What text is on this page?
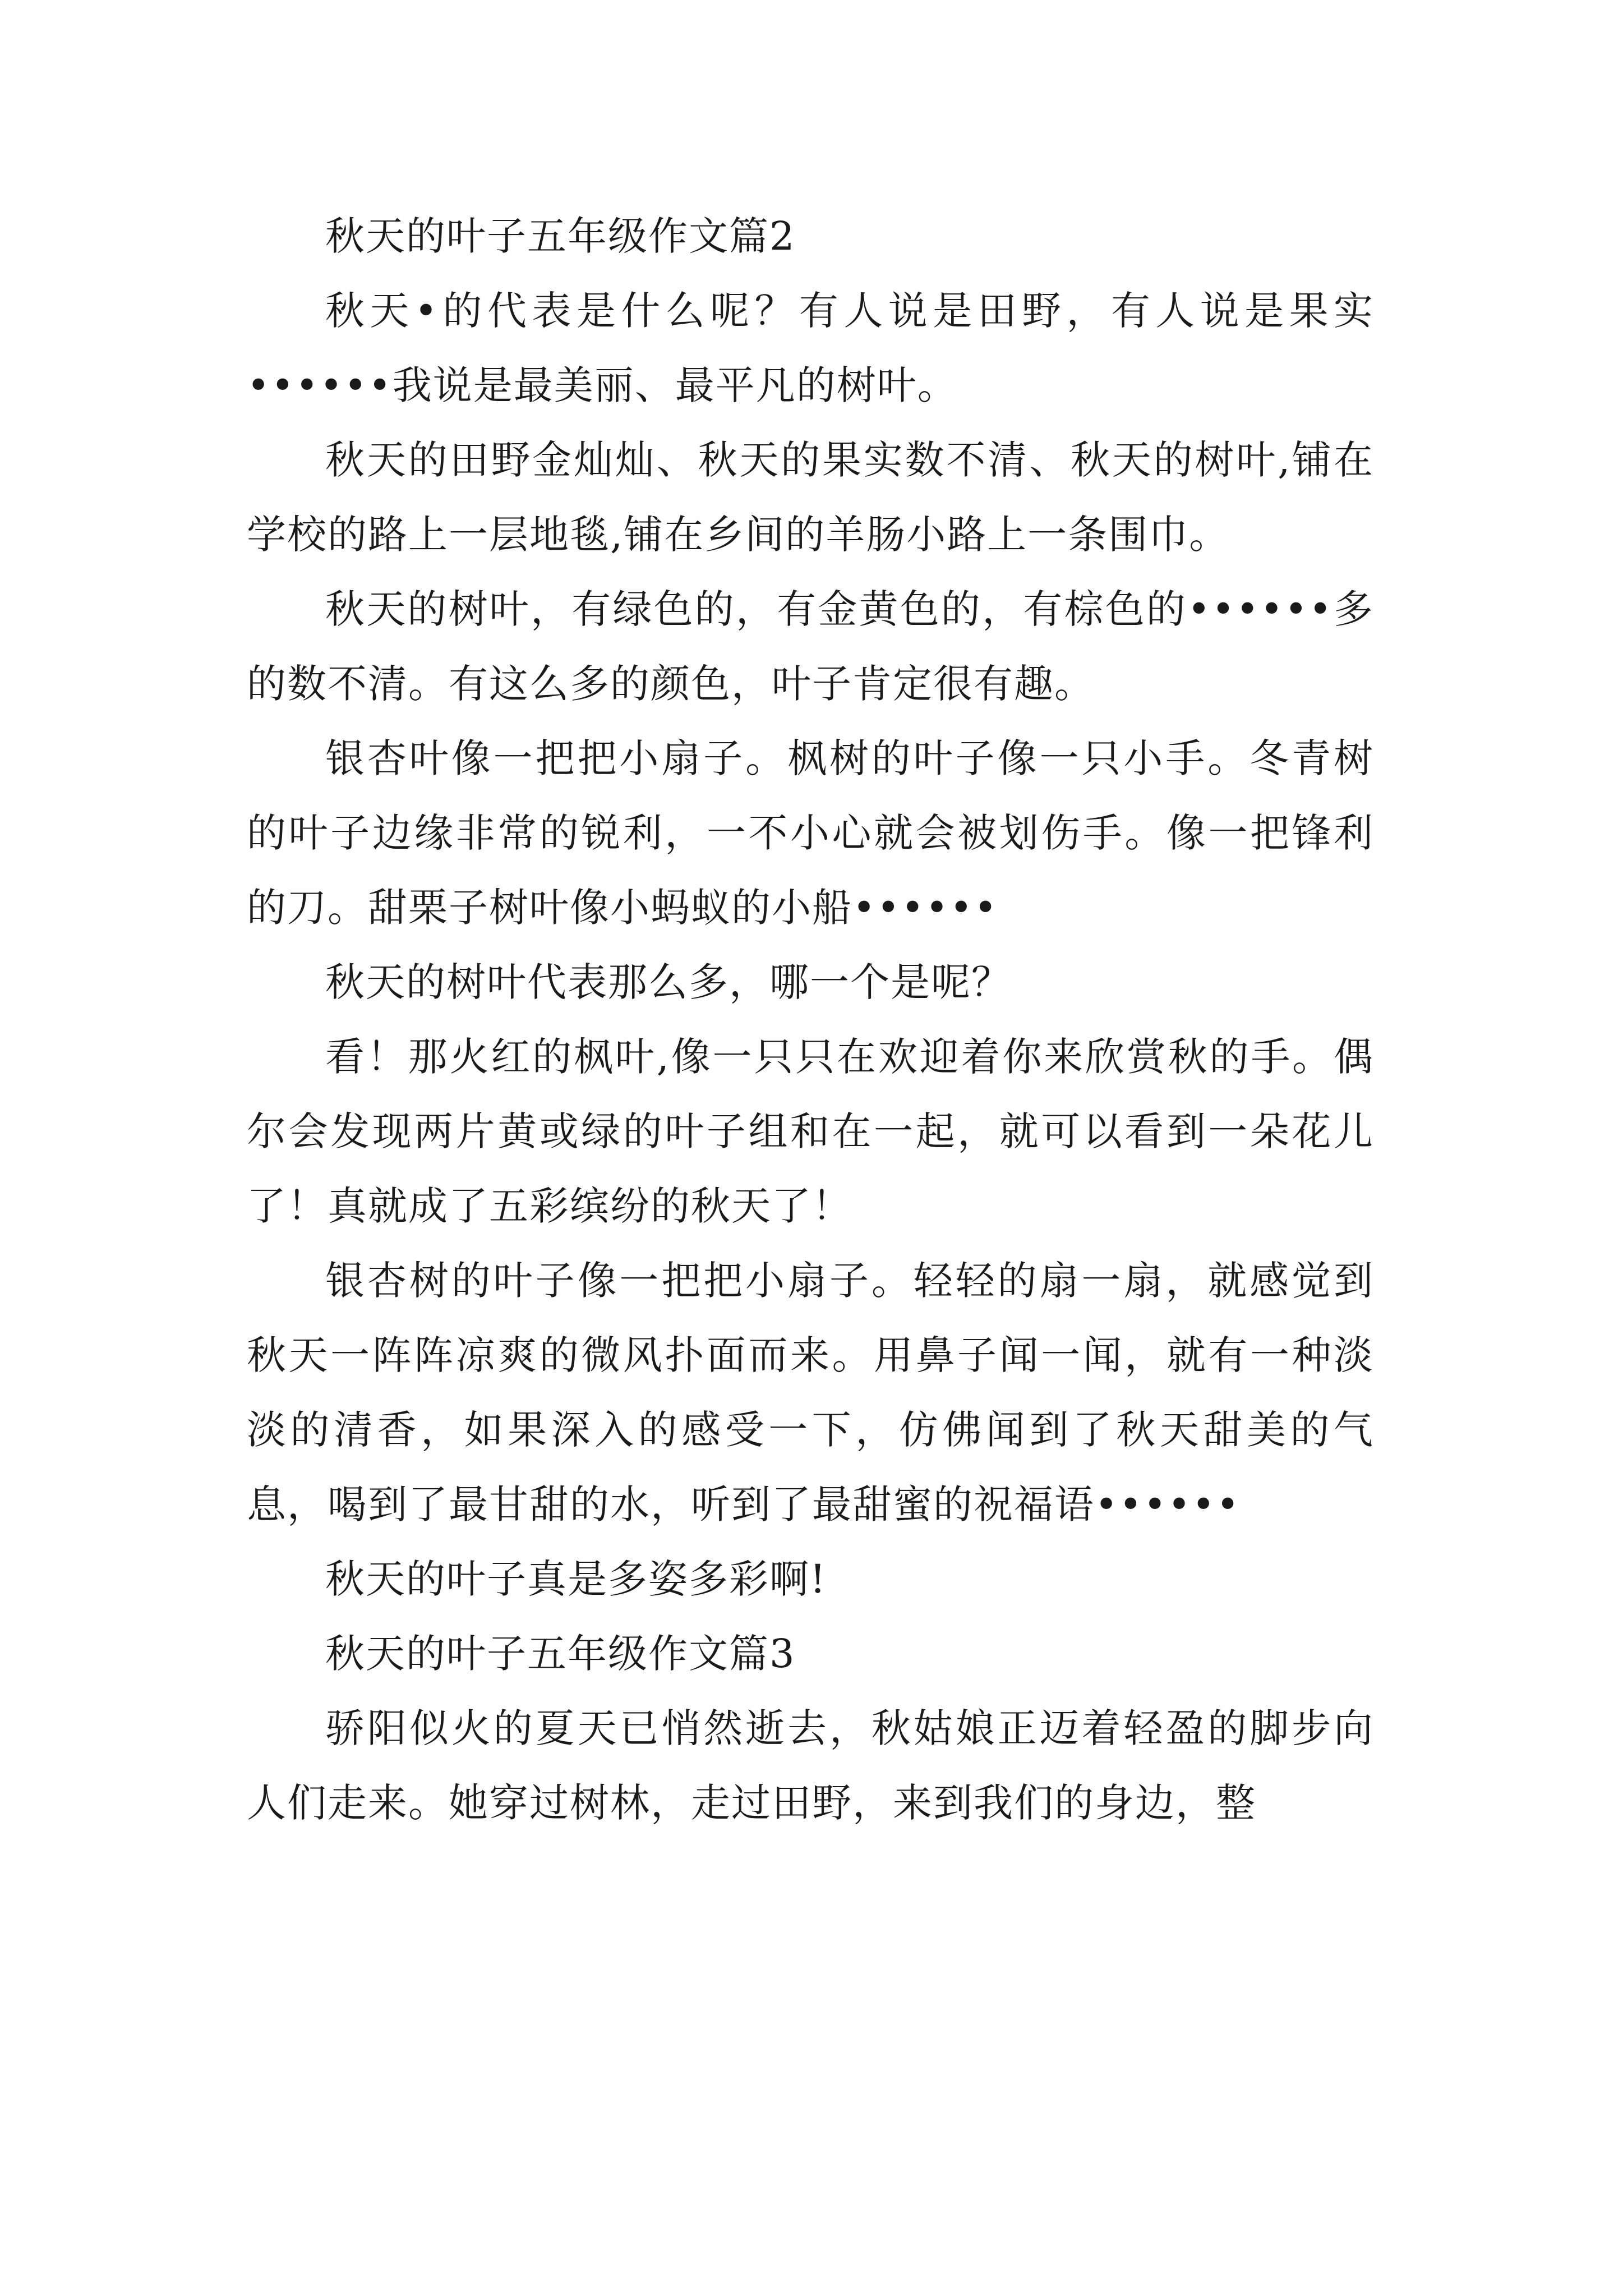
秋天的叶子五年级作文篇2

秋天•的代表是什么呢？有人说是田野，有人说是果实••••••我说是最美丽、最平凡的树叶。

秋天的田野金灿灿、秋天的果实数不清、秋天的树叶,铺在学校的路上一层地毯,铺在乡间的羊肠小路上一条围巾。

秋天的树叶，有绿色的，有金黄色的，有棕色的••••••多的数不清。有这么多的颜色，叶子肯定很有趣。

银杏叶像一把把小扇子。枫树的叶子像一只小手。冬青树的叶子边缘非常的锐利，一不小心就会被划伤手。像一把锋利的刀。甜栗子树叶像小蚂蚁的小船••••••

秋天的树叶代表那么多，哪一个是呢？

看！那火红的枫叶,像一只只在欢迎着你来欣赏秋的手。偶尔会发现两片黄或绿的叶子组和在一起，就可以看到一朵花儿了！真就成了五彩缤纷的秋天了！

银杏树的叶子像一把把小扇子。轻轻的扇一扇，就感觉到秋天一阵阵凉爽的微风扑面而来。用鼻子闻一闻，就有一种淡淡的清香，如果深入的感受一下，仿佛闻到了秋天甜美的气息，喝到了最甘甜的水，听到了最甜蜜的祝福语••••••

秋天的叶子真是多姿多彩啊!

秋天的叶子五年级作文篇3

骄阳似火的夏天已悄然逝去，秋姑娘正迈着轻盈的脚步向人们走来。她穿过树林，走过田野，来到我们的身边，整
